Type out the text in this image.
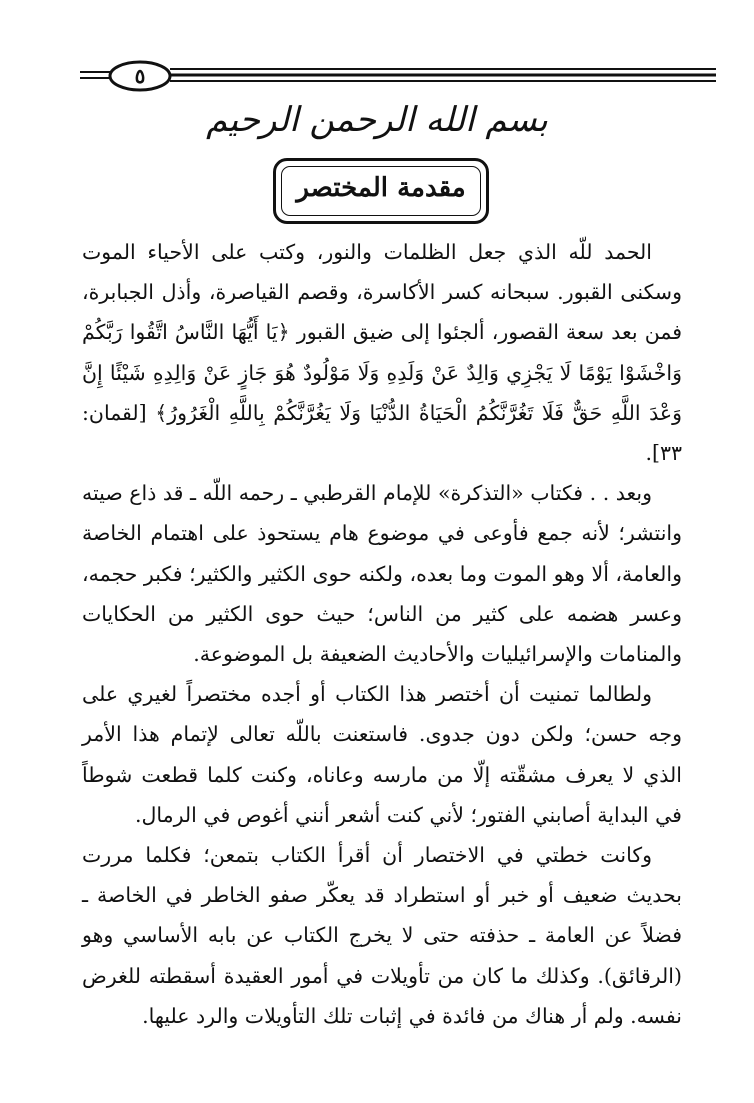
٥
بسم الله الرحمن الرحيم
مقدمة المختصر

الحمد للّه الذي جعل الظلمات والنور، وكتب على الأحياء الموت وسكنى القبور. سبحانه كسر الأكاسرة، وقصم القياصرة، وأذل الجبابرة، فمن بعد سعة القصور، ألجئوا إلى ضيق القبور ﴿يَا أَيُّهَا النَّاسُ اتَّقُوا رَبَّكُمْ وَاخْشَوْا يَوْمًا لَا يَجْزِي وَالِدٌ عَنْ وَلَدِهِ وَلَا مَوْلُودٌ هُوَ جَازٍ عَنْ وَالِدِهِ شَيْئًا إِنَّ وَعْدَ اللَّهِ حَقٌّ فَلَا تَغُرَّنَّكُمُ الْحَيَاةُ الدُّنْيَا وَلَا يَغُرَّنَّكُمْ بِاللَّهِ الْغَرُورُ﴾ [لقمان: ٣٣].

وبعد . . فكتاب «التذكرة» للإمام القرطبي ـ رحمه اللّه ـ قد ذاع صيته وانتشر؛ لأنه جمع فأوعى في موضوع هام يستحوذ على اهتمام الخاصة والعامة، ألا وهو الموت وما بعده، ولكنه حوى الكثير والكثير؛ فكبر حجمه، وعسر هضمه على كثير من الناس؛ حيث حوى الكثير من الحكايات والمنامات والإسرائيليات والأحاديث الضعيفة بل الموضوعة.

ولطالما تمنيت أن أختصر هذا الكتاب أو أجده مختصراً لغيري على وجه حسن؛ ولكن دون جدوى. فاستعنت باللّه تعالى لإتمام هذا الأمر الذي لا يعرف مشقّته إلّا من مارسه وعاناه، وكنت كلما قطعت شوطاً في البداية أصابني الفتور؛ لأني كنت أشعر أنني أغوص في الرمال.

وكانت خطتي في الاختصار أن أقرأ الكتاب بتمعن؛ فكلما مررت بحديث ضعيف أو خبر أو استطراد قد يعكّر صفو الخاطر في الخاصة ـ فضلاً عن العامة ـ حذفته حتى لا يخرج الكتاب عن بابه الأساسي وهو (الرقائق). وكذلك ما كان من تأويلات في أمور العقيدة أسقطته للغرض نفسه. ولم أر هناك من فائدة في إثبات تلك التأويلات والرد عليها.
